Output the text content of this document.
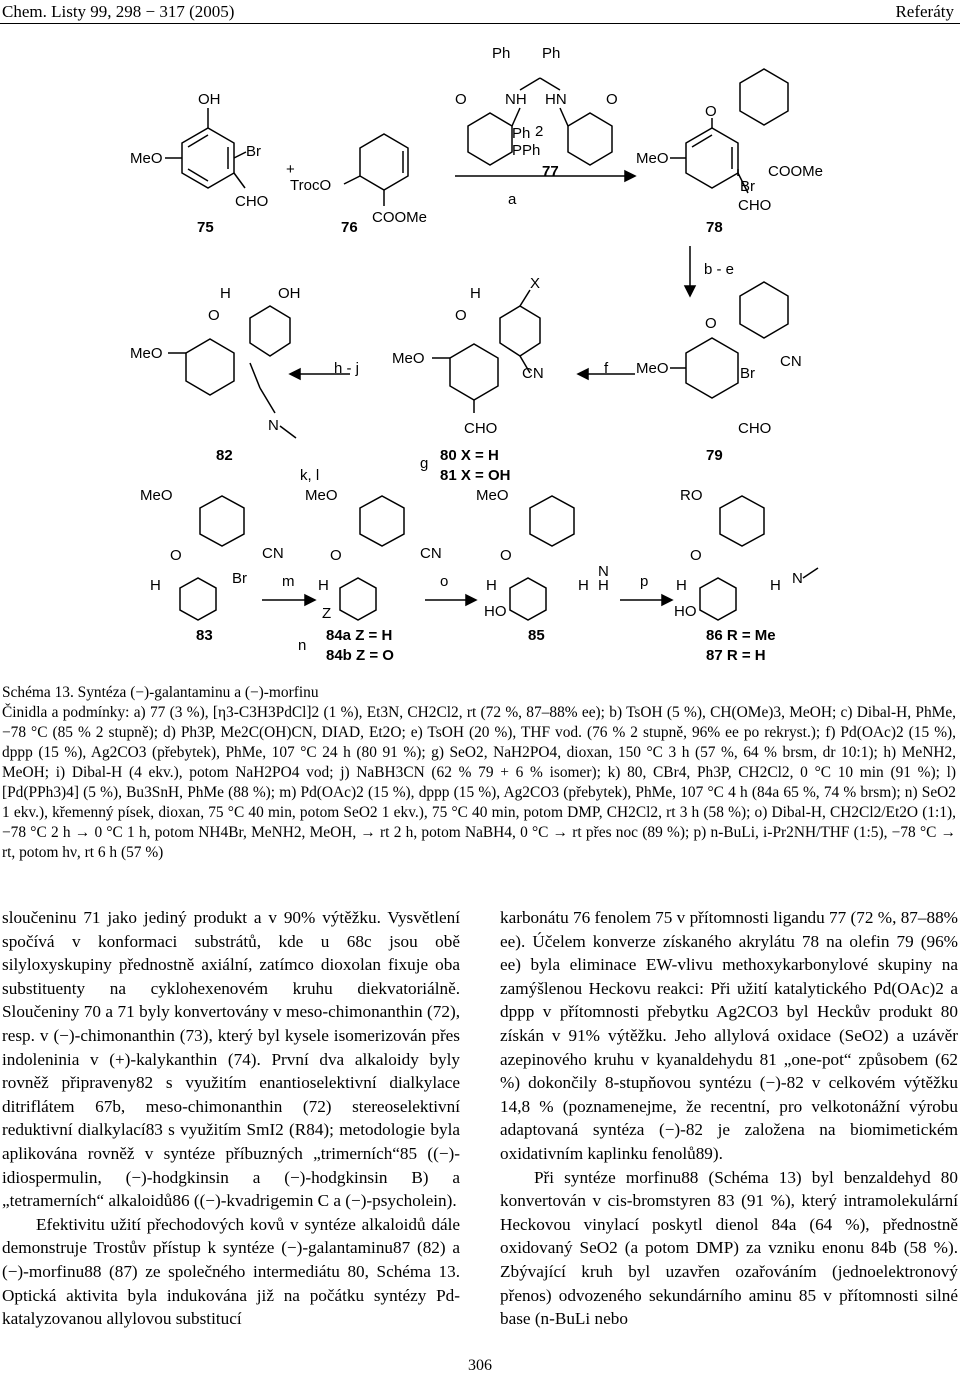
Chem. Listy 99, 298 − 317 (2005)	Referáty
OH
MeO	Br
CHO
+
TrocO
COOMe
NH HN
Ph Ph
O	O
Ph
PPh
2
a
MeO
O
Br
COOMe
CHO
75	76
77
78
b - e
MeO
O
OH
H
N
h - j
MeO
O
H
X
CN
CHO
f MeO
O
Br
CN
CHO
82
k, l
g 80 X = H
81 X = OH
79
MeO
O
H	Br
CN
m
MeO
O
H
Z
CN
o
MeO
O
H
HO
H
N
H p
RO
O
H
HO
H N
83
n
84a Z = H
84b Z = O
85	86 R = Me
87 R = H
Schéma 13. Syntéza (−)-galantaminu a (−)-morfinu
Činidla a podmínky: a) 77 (3 %), [η3-C3H3PdCl]2 (1 %), Et3N, CH2Cl2, rt (72 %, 87–88% ee); b) TsOH (5 %), CH(OMe)3, MeOH; c) Dibal-H, PhMe, −78 °C (85 % 2 stupně); d) Ph3P, Me2C(OH)CN, DIAD, Et2O; e) TsOH (20 %), THF vod. (76 % 2 stupně, 96% ee po rekryst.); f) Pd(OAc)2 (15 %), dppp (15 %), Ag2CO3 (přebytek), PhMe, 107 °C 24 h (80 91 %); g) SeO2, NaH2PO4, dioxan, 150 °C 3 h (57 %, 64 % brsm, dr 10:1); h) MeNH2, MeOH; i) Dibal-H (4 ekv.), potom NaH2PO4 vod; j) NaBH3CN (62 % 79 + 6 % isomer); k) 80, CBr4, Ph3P, CH2Cl2, 0 °C 10 min (91 %); l) [Pd(PPh3)4] (5 %), Bu3SnH, PhMe (88 %); m) Pd(OAc)2 (15 %), dppp (15 %), Ag2CO3 (přebytek), PhMe, 107 °C 4 h (84a 65 %, 74 % brsm); n) SeO2 1 ekv.), křemenný písek, dioxan, 75 °C 40 min, potom SeO2 1 ekv.), 75 °C 40 min, potom DMP, CH2Cl2, rt 3 h (58 %); o) Dibal-H, CH2Cl2/Et2O (1:1), −78 °C 2 h → 0 °C 1 h, potom NH4Br, MeNH2, MeOH, → rt 2 h, potom NaBH4, 0 °C → rt přes noc (89 %); p) n-BuLi, i-Pr2NH/THF (1:5), −78 °C → rt, potom hν, rt 6 h (57 %)

sloučeninu 71 jako jediný produkt a v 90% výtěžku. Vysvětlení spočívá v konformaci substrátů, kde u 68c jsou obě silyloxyskupiny přednostně axiální, zatímco dioxolan fixuje oba substituenty na cyklohexenovém kruhu diekvatoriálně. Sloučeniny 70 a 71 byly konvertovány v meso-chimonanthin (72), resp. v (−)-chimonanthin (73), který byl kysele isomerizován přes indoleninia v (+)-kalykanthin (74). První dva alkaloidy byly rovněž připraveny82 s využitím enantioselektivní dialkylace ditriflátem 67b, meso-chimonanthin (72) stereoselektivní reduktivní dialkylací83 s využitím SmI2 (R84); metodologie byla aplikována rovněž v syntéze příbuzných „trimerních“85 ((−)-idiospermulin, (−)-hodgkinsin a (−)-hodgkinsin B) a „tetramerních“ alkaloidů86 ((−)-kvadrigemin C a (−)-psycholein).

Efektivitu užití přechodových kovů v syntéze alkaloidů dále demonstruje Trostův přístup k syntéze (−)-galantaminu87 (82) a (−)-morfinu88 (87) ze společného intermediátu 80, Schéma 13. Optická aktivita byla indukována již na počátku syntézy Pd-katalyzovanou allylovou substitucí

karbonátu 76 fenolem 75 v přítomnosti ligandu 77 (72 %, 87–88% ee). Účelem konverze získaného akrylátu 78 na olefin 79 (96% ee) byla eliminace EW-vlivu methoxykarbonylové skupiny na zamýšlenou Heckovu reakci: Při užití katalytického Pd(OAc)2 a dppp v přítomnosti přebytku Ag2CO3 byl Heckův produkt 80 získán v 91% výtěžku. Jeho allylová oxidace (SeO2) a uzávěr azepinového kruhu v kyanaldehydu 81 „one-pot“ způsobem (62 %) dokončily 8-stupňovou syntézu (−)-82 v celkovém výtěžku 14,8 % (poznamenejme, že recentní, pro velkotonážní výrobu adaptovaná syntéza (−)-82 je založena na biomimetickém oxidativním kaplinku fenolů89).

Při syntéze morfinu88 (Schéma 13) byl benzaldehyd 80 konvertován v cis-bromstyren 83 (91 %), který intramolekulární Heckovou vinylací poskytl dienol 84a (64 %), přednostně oxidovaný SeO2 (a potom DMP) za vzniku enonu 84b (58 %). Zbývající kruh byl uzavřen ozařováním (jednoelektronový přenos) odvozeného sekundárního aminu 85 v přítomnosti silné base (n-BuLi nebo

306
